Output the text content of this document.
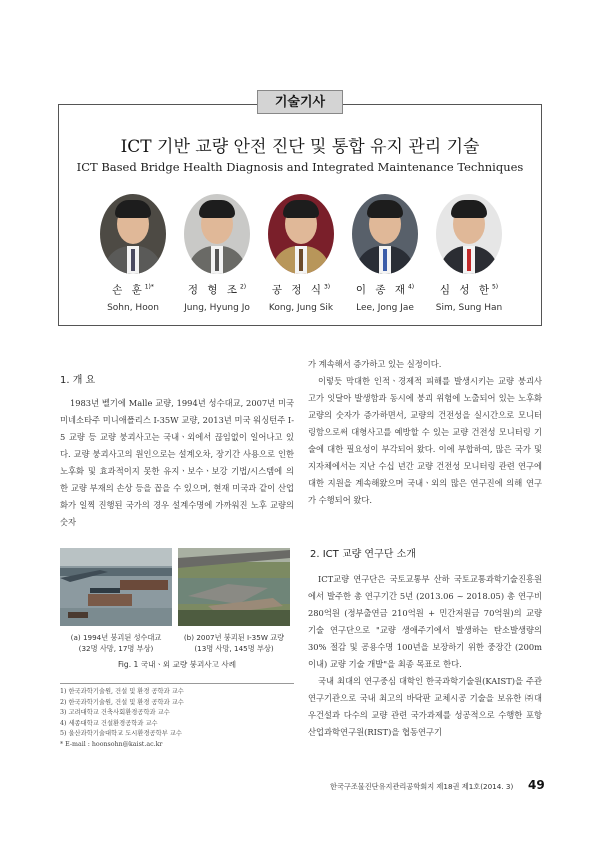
기술기사
ICT 기반 교량 안전 진단 및 통합 유지 관리 기술
ICT Based Bridge Health Diagnosis and Integrated Maintenance Techniques
손 훈$^{1)*}$
Sohn, Hoon
정 형 조$^{2)}$
Jung, Hyung Jo
공 정 식$^{3)}$
Kong, Jung Sik
이 종 재$^{4)}$
Lee, Jong Jae
심 성 한$^{5)}$
Sim, Sung Han
1. 개 요

1983년 벨기에 Malle 교량, 1994년 성수대교, 2007년 미국 미네소타주 미니애폴리스 I-35W 교량, 2013년 미국 워싱턴주 I-5 교량 등 교량 붕괴사고는 국내ㆍ외에서 끊임없이 일어나고 있다. 교량 붕괴사고의 원인으로는 설계오차, 장기간 사용으로 인한 노후화 및 효과적이지 못한 유지ㆍ보수ㆍ보강 기법/시스템에 의한 교량 부재의 손상 등을 꼽을 수 있으며, 현재 미국과 같이 산업화가 일찍 진행된 국가의 경우 설계수명에 가까워진 노후 교량의 숫자

(a) 1994년 붕괴된 성수대교
(32명 사망, 17명 부상)
(b) 2007년 붕괴된 I-35W 교량
(13명 사망, 145명 부상)
Fig. 1 국내ㆍ외 교량 붕괴사고 사례
1) 한국과학기술원, 건설 및 환경 공학과 교수
2) 한국과학기술원, 건설 및 환경 공학과 교수
3) 고려대학교 건축사회환경공학과 교수
4) 세종대학교 건설환경공학과 교수
5) 울산과학기술대학교 도시환경공학부 교수
* E-mail : hoonsohn@kaist.ac.kr

가 계속해서 증가하고 있는 실정이다.

이렇듯 막대한 인적ㆍ경제적 피해를 발생시키는 교량 붕괴사고가 잇달아 발생함과 동시에 붕괴 위험에 노출되어 있는 노후화 교량의 숫자가 증가하면서, 교량의 건전성을 실시간으로 모니터링함으로써 대형사고를 예방할 수 있는 교량 건전성 모니터링 기술에 대한 필요성이 부각되어 왔다. 이에 부합하여, 많은 국가 및 지자체에서는 지난 수십 년간 교량 건전성 모니터링 관련 연구에 대한 지원을 계속해왔으며 국내ㆍ외의 많은 연구진에 의해 연구가 수행되어 왔다.

2. ICT 교량 연구단 소개

ICT교량 연구단은 국토교통부 산하 국토교통과학기술진흥원에서 발주한 총 연구기간 5년 (2013.06 ~ 2018.05) 총 연구비 280억원 (정부출연금 210억원 + 민간저원금 70억원)의 교량 기술 연구단으로 "교량 생애주기에서 발생하는 탄소발생량의 30% 절감 및 공용수명 100년을 보장하기 위한 중장간 (200m 이내) 교량 기술 개발"을 최종 목표로 한다.

국내 최대의 연구중심 대학인 한국과학기술원(KAIST)을 주관연구기관으로 국내 최고의 바닥판 교체시공 기술을 보유한 ㈜대우건설과 다수의 교량 관련 국가과제를 성공적으로 수행한 포항산업과학연구원(RIST)을 협동연구기

한국구조물진단유지관리공학회지 제18권 제1호(2014. 3) 49
